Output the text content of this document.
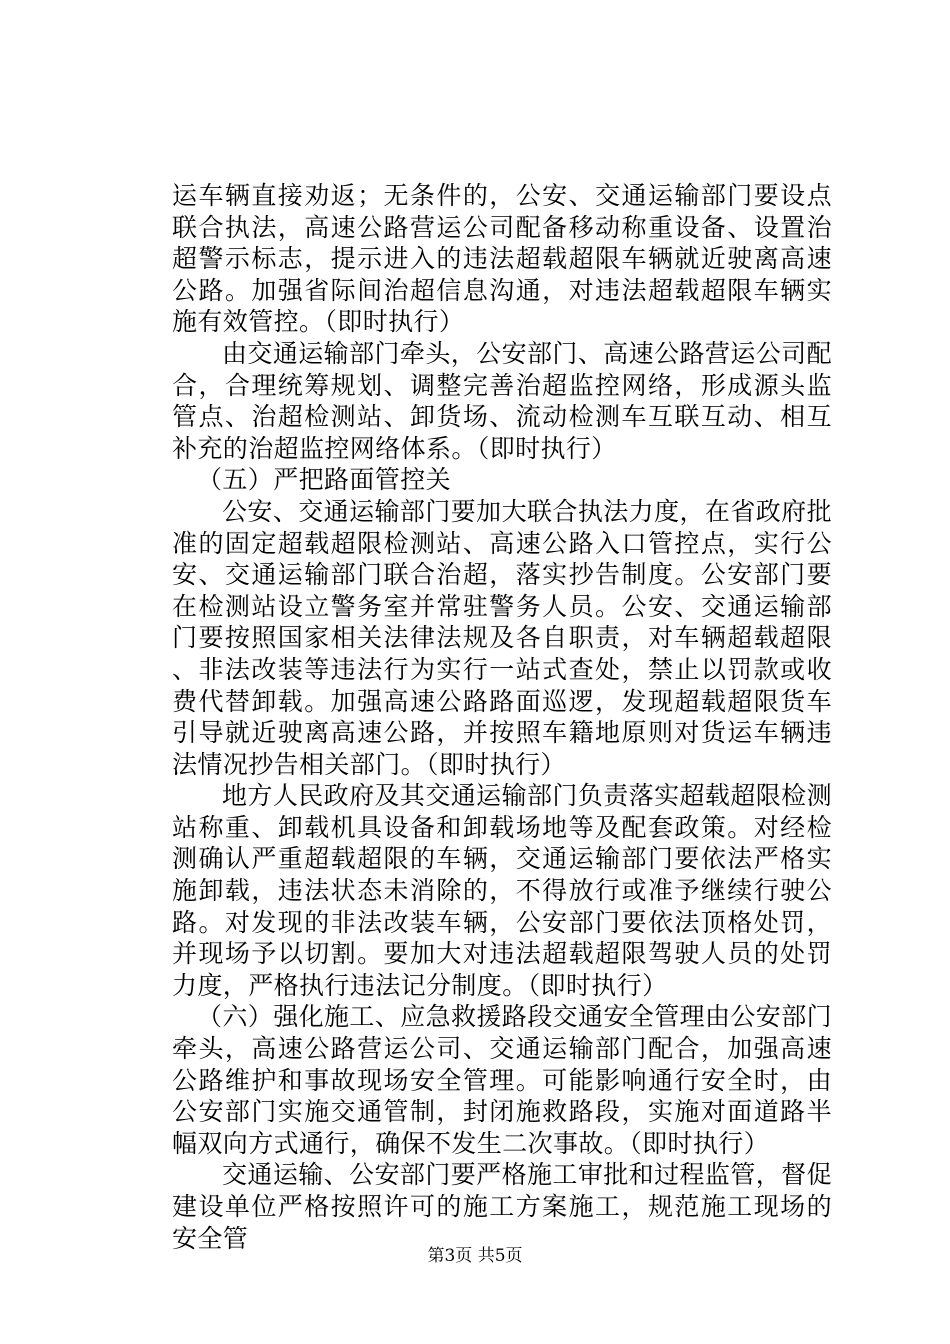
运车辆直接劝返；无条件的，公安、交通运输部门要设点联合执法，高速公路营运公司配备移动称重设备、设置治超警示标志，提示进入的违法超载超限车辆就近驶离高速公路。加强省际间治超信息沟通，对违法超载超限车辆实施有效管控。（即时执行）

由交通运输部门牵头，公安部门、高速公路营运公司配合，合理统筹规划、调整完善治超监控网络，形成源头监管点、治超检测站、卸货场、流动检测车互联互动、相互补充的治超监控网络体系。（即时执行）

（五）严把路面管控关

公安、交通运输部门要加大联合执法力度，在省政府批准的固定超载超限检测站、高速公路入口管控点，实行公安、交通运输部门联合治超，落实抄告制度。公安部门要在检测站设立警务室并常驻警务人员。公安、交通运输部门要按照国家相关法律法规及各自职责，对车辆超载超限、非法改装等违法行为实行一站式查处，禁止以罚款或收费代替卸载。加强高速公路路面巡逻，发现超载超限货车引导就近驶离高速公路，并按照车籍地原则对货运车辆违法情况抄告相关部门。（即时执行）

地方人民政府及其交通运输部门负责落实超载超限检测站称重、卸载机具设备和卸载场地等及配套政策。对经检测确认严重超载超限的车辆，交通运输部门要依法严格实施卸载，违法状态未消除的，不得放行或准予继续行驶公路。对发现的非法改装车辆，公安部门要依法顶格处罚，并现场予以切割。要加大对违法超载超限驾驶人员的处罚力度，严格执行违法记分制度。（即时执行）

（六）强化施工、应急救援路段交通安全管理由公安部门牵头，高速公路营运公司、交通运输部门配合，加强高速公路维护和事故现场安全管理。可能影响通行安全时，由公安部门实施交通管制，封闭施救路段，实施对面道路半幅双向方式通行，确保不发生二次事故。（即时执行）

交通运输、公安部门要严格施工审批和过程监管，督促建设单位严格按照许可的施工方案施工，规范施工现场的安全管

第3页 共5页
